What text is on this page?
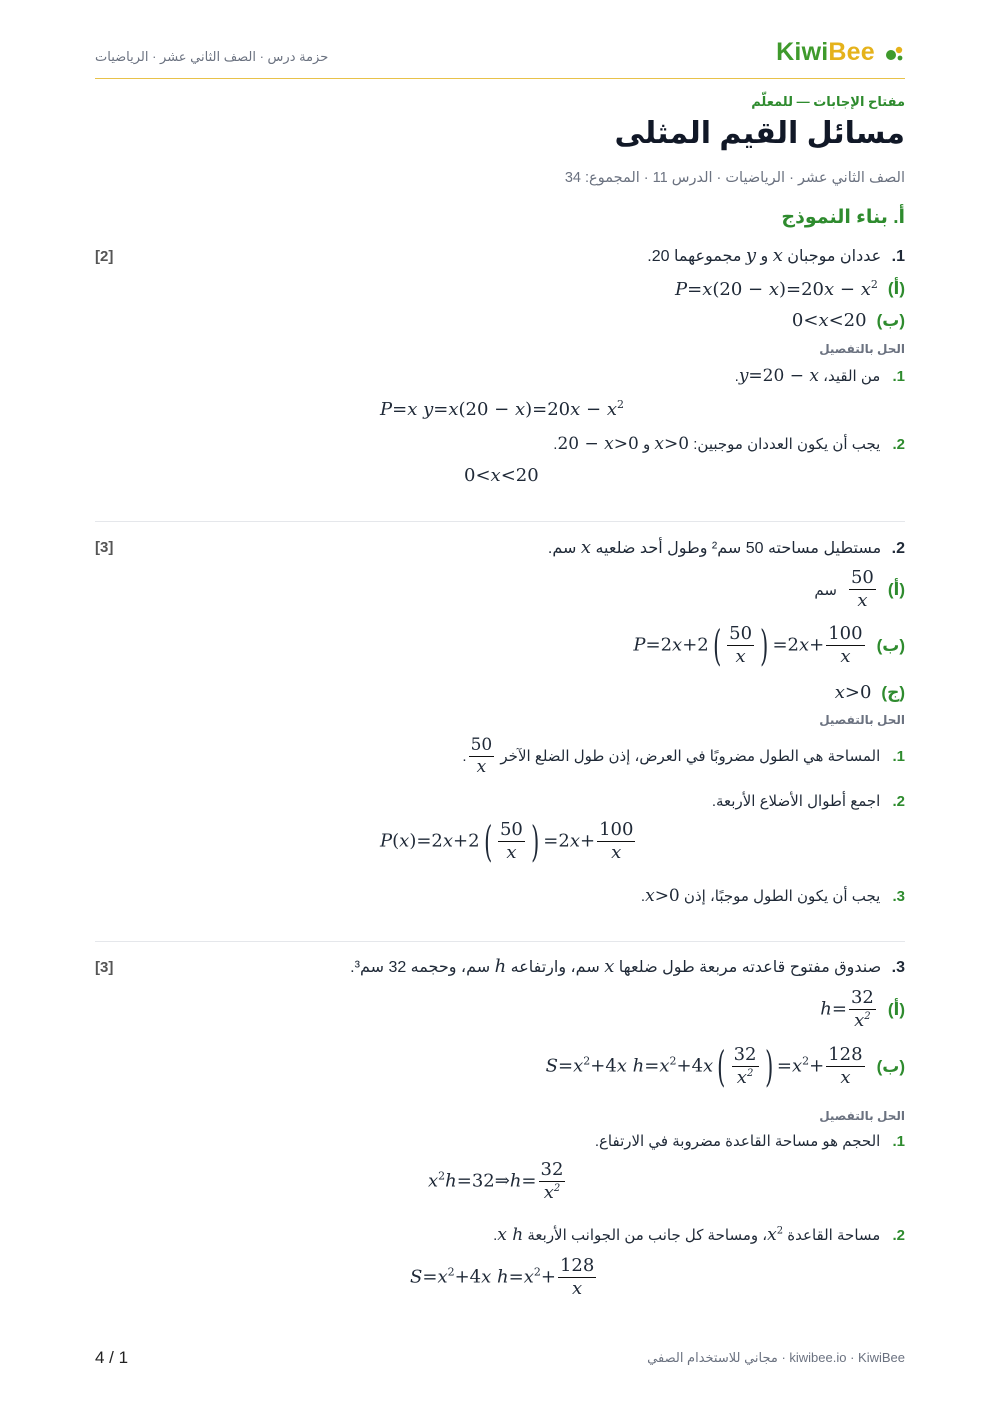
حزمة درس · الصف الثاني عشر · الرياضيات	KiwiBee
مفتاح الإجابات — للمعلّم
مسائل القيم المثلى
الصف الثاني عشر · الرياضيات · الدرس 11 · المجموع: 34
أ. بناء النموذج
[2]	1. عددان موجبان x و y مجموعهما 20.
(أ)
$P=x(20 - x)=20x - x^2$
(ب)
0<x<20
الحل بالتفصيل
1. من القيد، y=20 − x.
P=x $y=x(20 - x)=20x - x^2$
2. يجب أن يكون العددان موجبين: x>0 و 20 − x>0.
0<x<20
[3]	2. مستطيل مساحته 50 سم² وطول أحد ضلعيه x سم.
(أ)
$\frac{50}{x}$
سم
(ب)
$P=2x+2( \frac{50}{x}$ ) $=2x+ \frac{100}{x}$
(ج)
x>0
الحل بالتفصيل
1. المساحة هي الطول مضروبًا في العرض، إذن طول الضلع الآخر
$\frac{50}{x}$
.
2. اجمع أطوال الأضلاع الأربعة.
$P(x)=2x+2( \frac{50}{x}$ ) $=2x+ \frac{100}{x}$
3. يجب أن يكون الطول موجبًا، إذن x>0.
[3]	3. صندوق مفتوح قاعدته مربعة طول ضلعها x سم، وارتفاعه h سم، وحجمه 32 سم³.
(أ)
$h= \frac{32}{x^2}$
(ب)
$S=x^2+4x$ $h=x^2+4x( \frac{32}{x^2}$ ) $=x^2+ \frac{128}{x}$
الحل بالتفصيل
1. الحجم هو مساحة القاعدة مضروبة في الارتفاع.
$x^2h=32\Rightarrow h= \frac{32}{x^2}$
2. مساحة القاعدة $x^2،$ ومساحة كل جانب من الجوانب الأربعة x h.
$S=x^2+4x$ $h=x^2+ \frac{128}{x}$
4 / 1	kiwibee.io · KiwiBee · مجاني للاستخدام الصفي
